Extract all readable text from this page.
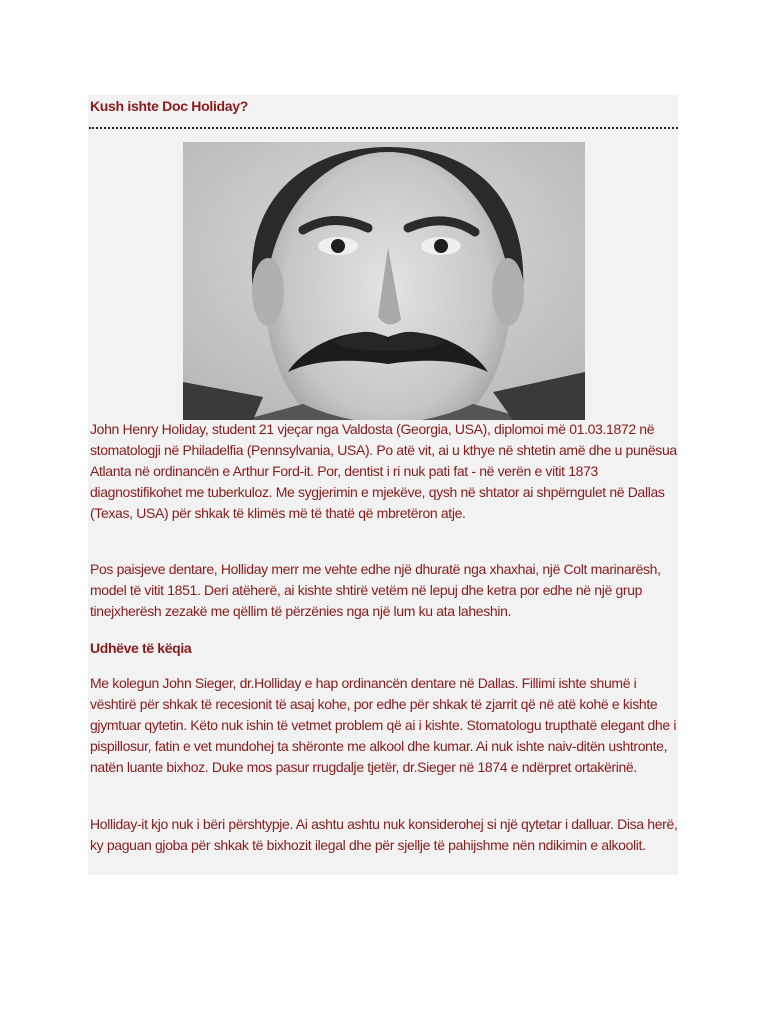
Kush ishte Doc Holiday?

John Henry Holiday, student 21 vjeçar nga Valdosta (Georgia, USA), diplomoi më 01.03.1872 në stomatologji në Philadelfia (Pennsylvania, USA). Po atë vit, ai u kthye në shtetin amë dhe u punësua Atlanta në ordinancën e Arthur Ford-it. Por, dentist i ri nuk pati fat - në verën e vitit 1873 diagnostifikohet me tuberkuloz. Me sygjerimin e mjekëve, qysh në shtator ai shpërngulet në Dallas (Texas, USA) për shkak të klimës më të thatë që mbretëron atje.

Pos paisjeve dentare, Holliday merr me vehte edhe një dhuratë nga xhaxhai, një Colt marinarësh, model të vitit 1851. Deri atëherë, ai kishte shtirë vetëm në lepuj dhe ketra por edhe në një grup tinejxherësh zezakë me qëllim të përzënies nga një lum ku ata laheshin.

Udhëve të këqia

Me kolegun John Sieger, dr.Holliday e hap ordinancën dentare në Dallas. Fillimi ishte shumë i vështirë për shkak të recesionit të asaj kohe, por edhe për shkak të zjarrit që në atë kohë e kishte gjymtuar qytetin. Këto nuk ishin të vetmet problem që ai i kishte. Stomatologu trupthatë elegant dhe i pispillosur, fatin e vet mundohej ta shëronte me alkool dhe kumar. Ai nuk ishte naiv-ditën ushtronte, natën luante bixhoz. Duke mos pasur rrugdalje tjetër, dr.Sieger në 1874 e ndërpret ortakërinë.

Holliday-it kjo nuk i bëri përshtypje. Ai ashtu ashtu nuk konsiderohej si një qytetar i dalluar. Disa herë, ky paguan gjoba për shkak të bixhozit ilegal dhe për sjellje të pahijshme nën ndikimin e alkoolit.
